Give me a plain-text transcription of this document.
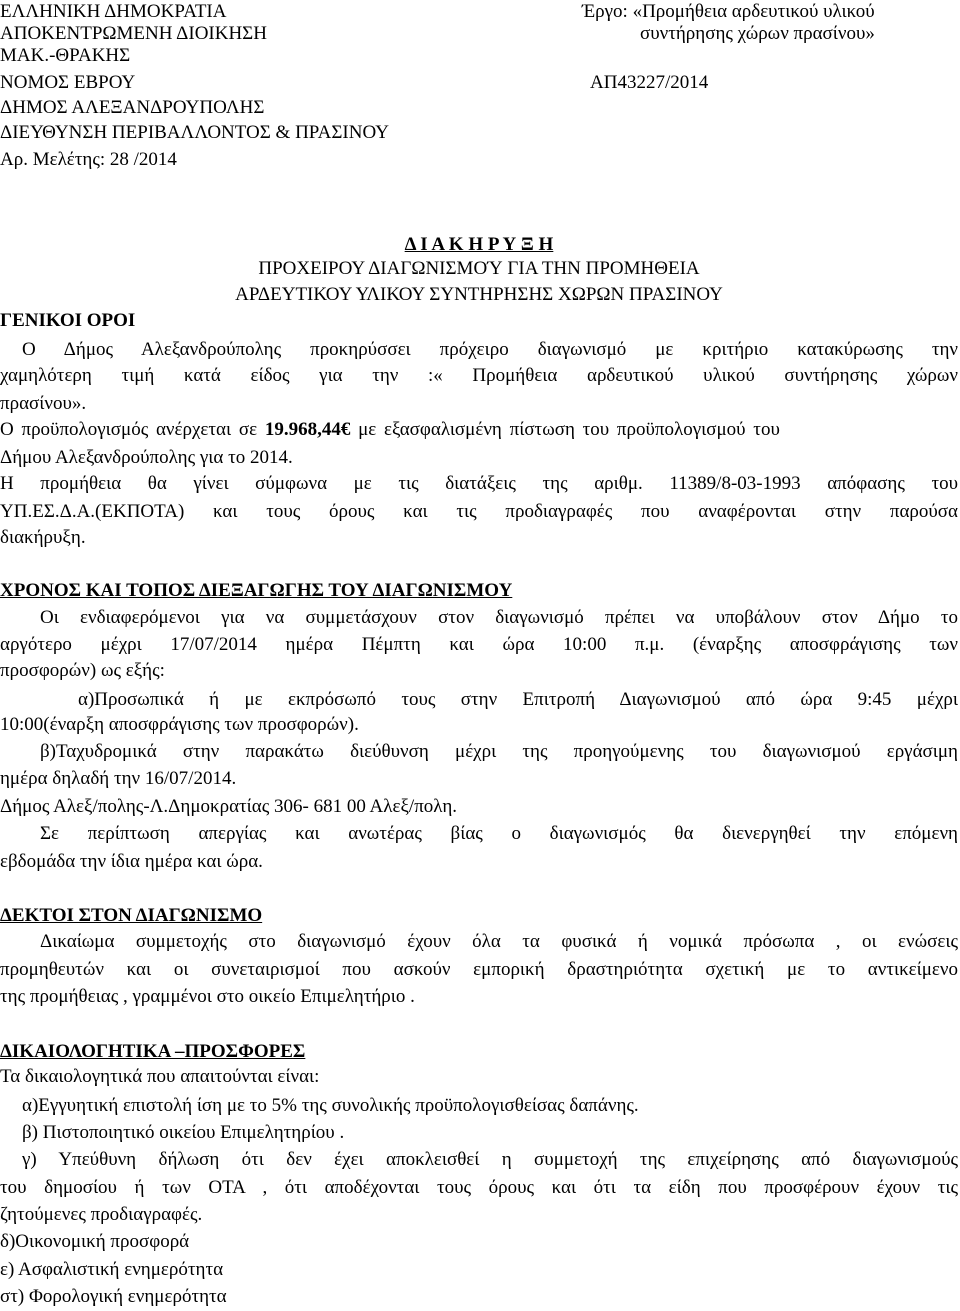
ΕΛΛΗΝΙΚΗ ΔΗΜΟΚΡΑΤΙΑ
ΑΠΟΚΕΝΤΡΩΜΕΝΗ ΔΙΟΙΚΗΣΗ
ΜΑΚ.-ΘΡΑΚΗΣ
ΝΟΜΟΣ ΕΒΡΟΥ
ΔΗΜΟΣ ΑΛΕΞΑΝΔΡΟΥΠΟΛΗΣ
ΔΙΕΥΘΥΝΣΗ ΠΕΡΙΒΑΛΛΟΝΤΟΣ & ΠΡΑΣΙΝΟΥ
Αρ. Μελέτης: 28 /2014
Έργο: «Προμήθεια αρδευτικού υλικού
συντήρησης χώρων πρασίνου»
ΑΠ43227/2014
Δ Ι Α Κ Η Ρ Υ Ξ Η
ΠΡΟΧΕΙΡΟΥ ΔΙΑΓΩΝΙΣΜΟΎ ΓΙΑ ΤΗΝ ΠΡΟΜΗΘΕΙΑ
ΑΡΔΕΥΤΙΚΟΥ ΥΛΙΚΟΥ ΣΥΝΤΗΡΗΣΗΣ ΧΩΡΩΝ ΠΡΑΣΙΝΟΥ
ΓΕΝΙΚΟΙ ΟΡΟΙ
Ο Δήμος Αλεξανδρούπολης προκηρύσσει πρόχειρο διαγωνισμό με κριτήριο κατακύρωσης την
χαμηλότερη τιμή κατά είδος για την :« Προμήθεια αρδευτικού υλικού συντήρησης χώρων
πρασίνου».
Ο προϋπολογισμός ανέρχεται σε 19.968,44€ με εξασφαλισμένη πίστωση του προϋπολογισμού του
Δήμου Αλεξανδρούπολης για το 2014.
Η προμήθεια θα γίνει σύμφωνα με τις διατάξεις της αριθμ. 11389/8-03-1993 απόφασης του
ΥΠ.ΕΣ.Δ.Α.(ΕΚΠΟΤΑ) και τους όρους και τις προδιαγραφές που αναφέρονται στην παρούσα
διακήρυξη.
ΧΡΟΝΟΣ ΚΑΙ ΤΟΠΟΣ ΔΙΕΞΑΓΩΓΗΣ ΤΟΥ ΔΙΑΓΩΝΙΣΜΟΥ
Οι ενδιαφερόμενοι για να συμμετάσχουν στον διαγωνισμό πρέπει να υποβάλουν στον Δήμο το
αργότερο μέχρι 17/07/2014 ημέρα Πέμπτη και ώρα 10:00 π.μ. (έναρξης αποσφράγισης των
προσφορών) ως εξής:
α)Προσωπικά ή με εκπρόσωπό τους στην Επιτροπή Διαγωνισμού από ώρα 9:45 μέχρι
10:00(έναρξη αποσφράγισης των προσφορών).
β)Ταχυδρομικά στην παρακάτω διεύθυνση μέχρι της προηγούμενης του διαγωνισμού εργάσιμη
ημέρα δηλαδή την 16/07/2014.
Δήμος Αλεξ/πολης-Λ.Δημοκρατίας 306- 681 00 Αλεξ/πολη.
Σε περίπτωση απεργίας και ανωτέρας βίας ο διαγωνισμός θα διενεργηθεί την επόμενη
εβδομάδα την ίδια ημέρα και ώρα.
ΔΕΚΤΟΙ ΣΤΟΝ ΔΙΑΓΩΝΙΣΜΟ
Δικαίωμα συμμετοχής στο διαγωνισμό έχουν όλα τα φυσικά ή νομικά πρόσωπα , οι ενώσεις
προμηθευτών και οι συνεταιρισμοί που ασκούν εμπορική δραστηριότητα σχετική με το αντικείμενο
της προμήθειας , γραμμένοι στο οικείο Επιμελητήριο .
ΔΙΚΑΙΟΛΟΓΗΤΙΚΑ –ΠΡΟΣΦΟΡΕΣ
Τα δικαιολογητικά που απαιτούνται είναι:
α)Εγγυητική επιστολή ίση με το 5% της συνολικής προϋπολογισθείσας δαπάνης.
β) Πιστοποιητικό οικείου Επιμελητηρίου .
γ) Υπεύθυνη δήλωση ότι δεν έχει αποκλεισθεί η συμμετοχή της επιχείρησης από διαγωνισμούς
του δημοσίου ή των ΟΤΑ , ότι αποδέχονται τους όρους και ότι τα είδη που προσφέρουν έχουν τις
ζητούμενες προδιαγραφές.
δ)Οικονομική προσφορά
ε) Ασφαλιστική ενημερότητα
στ) Φορολογική ενημερότητα
